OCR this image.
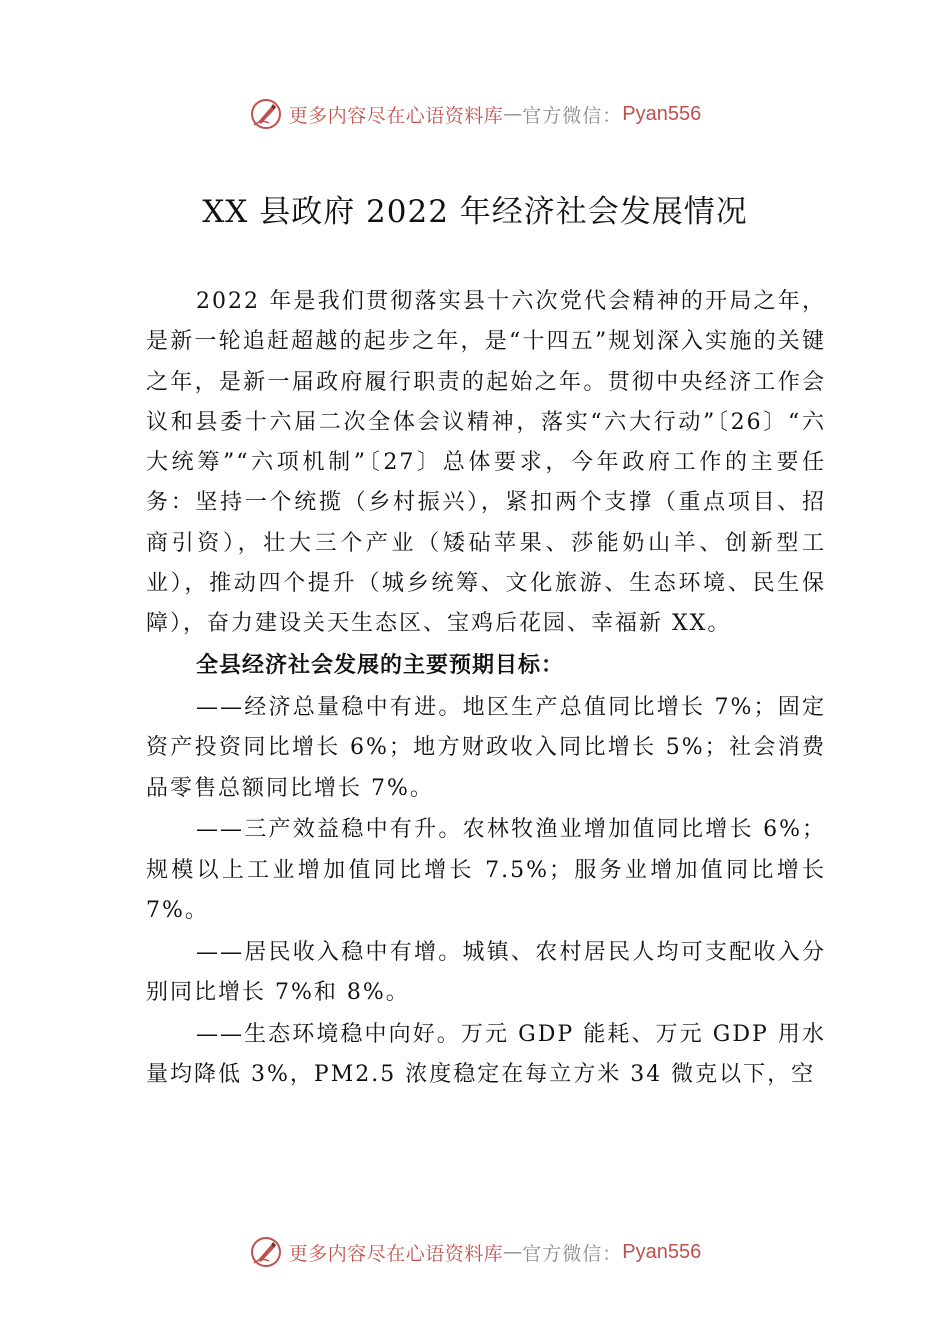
更多内容尽在心语资料库 — 官方微信： Pyan556
XX 县政府 2022 年经济社会发展情况

2022 年是我们贯彻落实县十六次党代会精神的开局之年，是新一轮追赶超越的起步之年，是“十四五”规划深入实施的关键之年，是新一届政府履行职责的起始之年。贯彻中央经济工作会议和县委十六届二次全体会议精神，落实“六大行动”〔26〕“六大统筹”“六项机制”〔27〕总体要求，今年政府工作的主要任务：坚持一个统揽（乡村振兴），紧扣两个支撑（重点项目、招商引资），壮大三个产业（矮砧苹果、莎能奶山羊、创新型工业），推动四个提升（城乡统筹、文化旅游、生态环境、民生保障），奋力建设关天生态区、宝鸡后花园、幸福新 XX。

全县经济社会发展的主要预期目标：

——经济总量稳中有进。地区生产总值同比增长 7%；固定资产投资同比增长 6%；地方财政收入同比增长 5%；社会消费品零售总额同比增长 7%。

——三产效益稳中有升。农林牧渔业增加值同比增长 6%；规模以上工业增加值同比增长 7.5%；服务业增加值同比增长 7%。

——居民收入稳中有增。城镇、农村居民人均可支配收入分别同比增长 7%和 8%。

——生态环境稳中向好。万元 GDP 能耗、万元 GDP 用水量均降低 3%，PM2.5 浓度稳定在每立方米 34 微克以下，空

更多内容尽在心语资料库 — 官方微信： Pyan556
